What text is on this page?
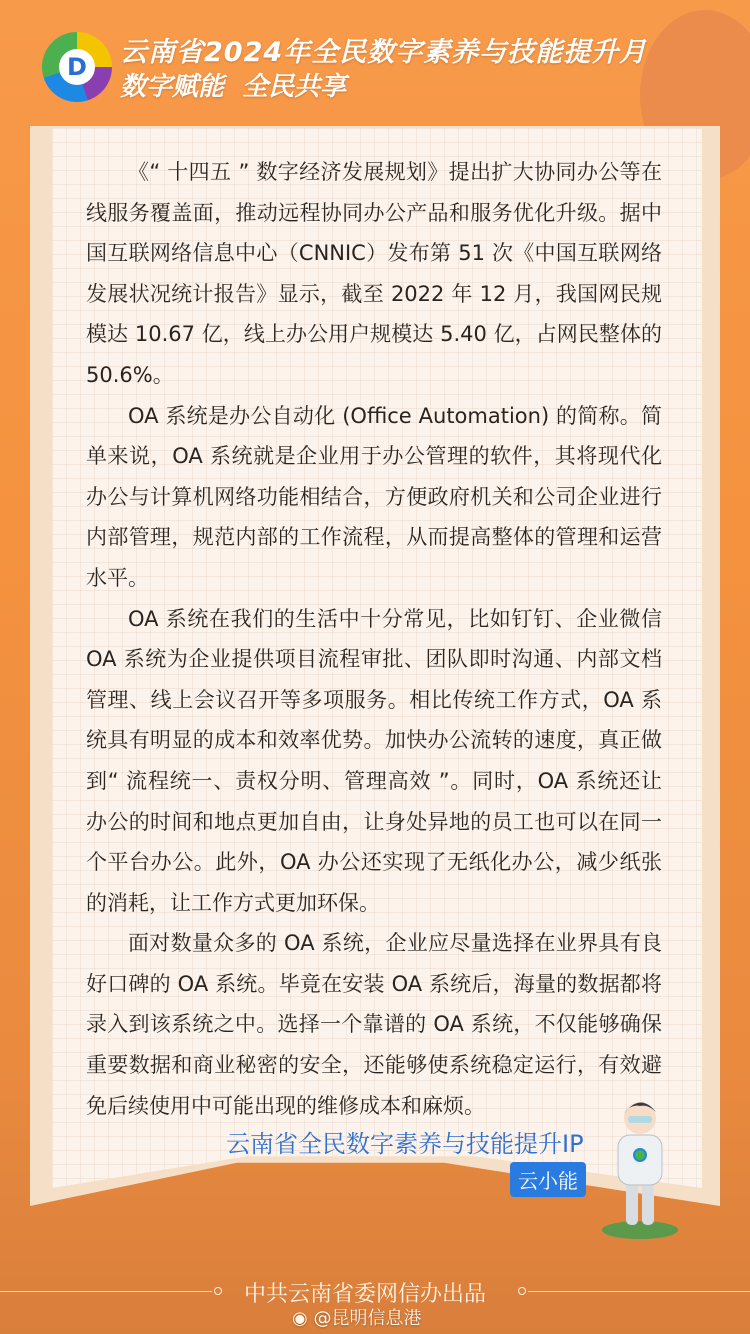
D 云南省2024年全民数字素养与技能提升月
数字赋能  全民共享

《“ 十四五 ” 数字经济发展规划》提出扩大协同办公等在线服务覆盖面，推动远程协同办公产品和服务优化升级。据中国互联网络信息中心（CNNIC）发布第 51 次《中国互联网络发展状况统计报告》显示，截至 2022 年 12 月，我国网民规模达 10.67 亿，线上办公用户规模达 5.40 亿，占网民整体的 50.6%。

OA 系统是办公自动化 (Office Automation) 的简称。简单来说，OA 系统就是企业用于办公管理的软件，其将现代化办公与计算机网络功能相结合，方便政府机关和公司企业进行内部管理，规范内部的工作流程，从而提高整体的管理和运营水平。

OA 系统在我们的生活中十分常见，比如钉钉、企业微信 OA 系统为企业提供项目流程审批、团队即时沟通、内部文档管理、线上会议召开等多项服务。相比传统工作方式，OA 系统具有明显的成本和效率优势。加快办公流转的速度，真正做到“ 流程统一、责权分明、管理高效 ”。同时，OA 系统还让办公的时间和地点更加自由，让身处异地的员工也可以在同一个平台办公。此外，OA 办公还实现了无纸化办公，减少纸张的消耗，让工作方式更加环保。

面对数量众多的 OA 系统，企业应尽量选择在业界具有良好口碑的 OA 系统。毕竟在安装 OA 系统后，海量的数据都将录入到该系统之中。选择一个靠谱的 OA 系统，不仅能够确保重要数据和商业秘密的安全，还能够使系统稳定运行，有效避免后续使用中可能出现的维修成本和麻烦。

云南省全民数字素养与技能提升IP
云小能
中共云南省委网信办出品
◉ @昆明信息港
